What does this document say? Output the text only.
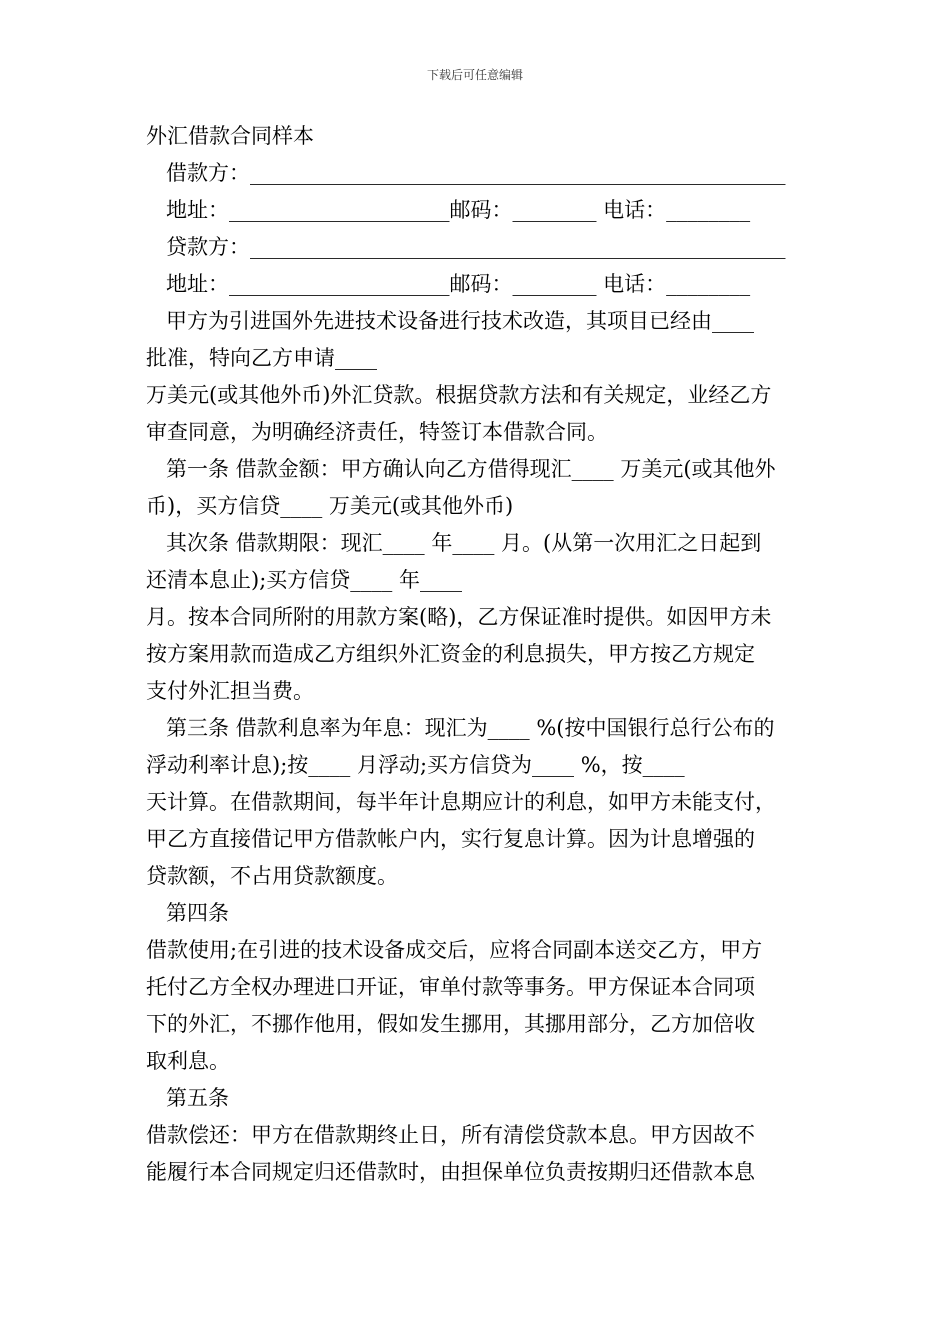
下载后可任意编辑
外汇借款合同样本
借款方：___________________________________________________
地址：_____________________邮码：________ 电话：________
贷款方：___________________________________________________
地址：_____________________邮码：________ 电话：________
甲方为引进国外先进技术设备进行技术改造，其项目已经由____
批准，特向乙方申请____
万美元(或其他外币)外汇贷款。根据贷款方法和有关规定，业经乙方
审查同意，为明确经济责任，特签订本借款合同。
第一条 借款金额：甲方确认向乙方借得现汇____ 万美元(或其他外
币)，买方信贷____ 万美元(或其他外币)
其次条 借款期限：现汇____ 年____ 月。(从第一次用汇之日起到
还清本息止);买方信贷____ 年____
月。按本合同所附的用款方案(略)，乙方保证准时提供。如因甲方未
按方案用款而造成乙方组织外汇资金的利息损失，甲方按乙方规定
支付外汇担当费。
第三条 借款利息率为年息：现汇为____ %(按中国银行总行公布的
浮动利率计息);按____ 月浮动;买方信贷为____ %，按____
天计算。在借款期间，每半年计息期应计的利息，如甲方未能支付，
甲乙方直接借记甲方借款帐户内，实行复息计算。因为计息增强的
贷款额，不占用贷款额度。
第四条
借款使用;在引进的技术设备成交后，应将合同副本送交乙方，甲方
托付乙方全权办理进口开证，审单付款等事务。甲方保证本合同项
下的外汇，不挪作他用，假如发生挪用，其挪用部分，乙方加倍收
取利息。
第五条
借款偿还：甲方在借款期终止日，所有清偿贷款本息。甲方因故不
能履行本合同规定归还借款时，由担保单位负责按期归还借款本息
